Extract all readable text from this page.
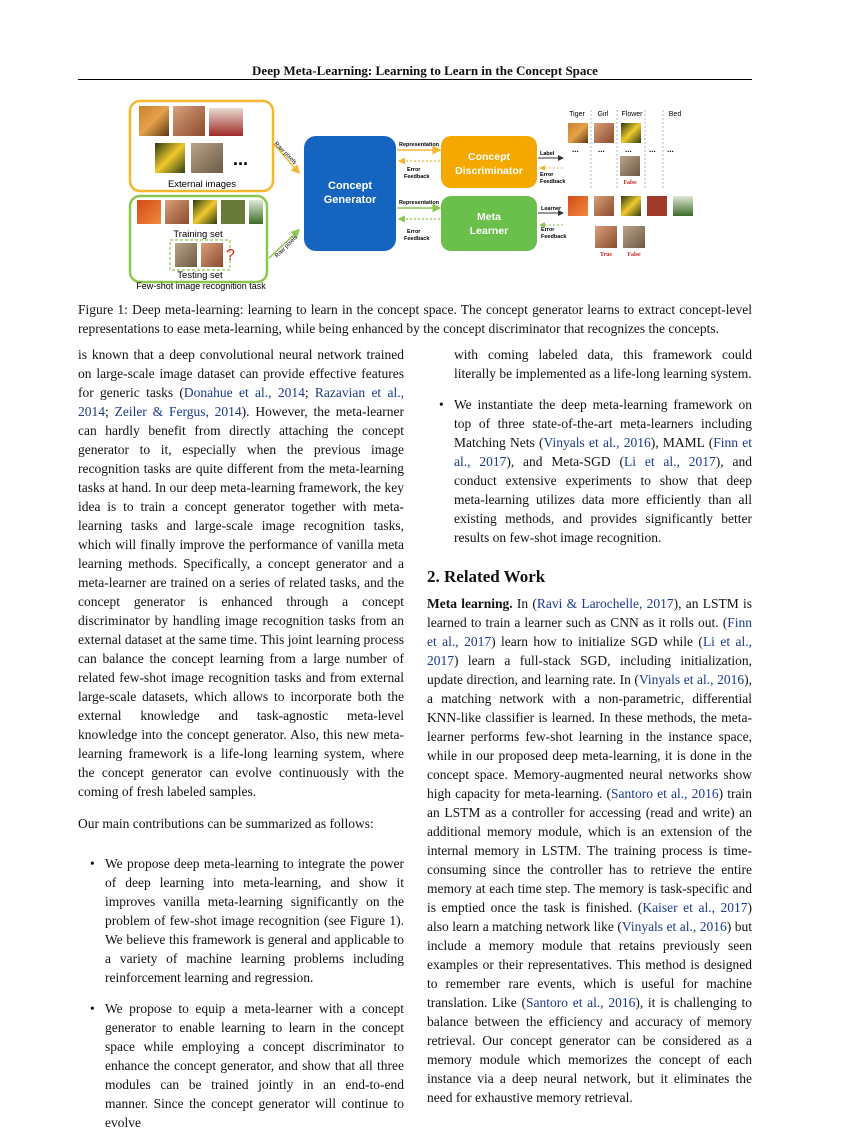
Deep Meta-Learning: Learning to Learn in the Concept Space
...
External images
Training set
?
Testing set
Few-shot image recognition task
Raw pixels
Raw pixels
Concept
Generator
Representation
Error
Feedback
Representation
Error
Feedback
Concept
Discriminator
Meta
Learner
Label
Error
Feedback
Learner
Error
Feedback
Tiger Girl Flower	Bed
... ...	... ... ...
False
True	False
Figure 1: Deep meta-learning: learning to learn in the concept space. The concept generator learns to extract concept-level representations to ease meta-learning, while being enhanced by the concept discriminator that recognizes the concepts.

is known that a deep convolutional neural network trained on large-scale image dataset can provide effective features for generic tasks (Donahue et al., 2014; Razavian et al., 2014; Zeiler & Fergus, 2014). However, the meta-learner can hardly benefit from directly attaching the concept generator to it, especially when the previous image recognition tasks are quite different from the meta-learning tasks at hand. In our deep meta-learning framework, the key idea is to train a concept generator together with meta-learning tasks and large-scale image recognition tasks, which will finally improve the performance of vanilla meta learning methods. Specifically, a concept generator and a meta-learner are trained on a series of related tasks, and the concept generator is enhanced through a concept discriminator by handling image recognition tasks from an external dataset at the same time. This joint learning process can balance the concept learning from a large number of related few-shot image recognition tasks and from external large-scale datasets, which allows to incorporate both the external knowledge and task-agnostic meta-level knowledge into the concept generator. Also, this new meta-learning framework is a life-long learning system, where the concept generator can evolve continuously with the coming of fresh labeled samples.

Our main contributions can be summarized as follows:

• We propose deep meta-learning to integrate the power of deep learning into meta-learning, and show it improves vanilla meta-learning significantly on the problem of few-shot image recognition (see Figure 1). We believe this framework is general and applicable to a variety of machine learning problems including reinforcement learning and regression.
• We propose to equip a meta-learner with a concept generator to enable learning to learn in the concept space while employing a concept discriminator to enhance the concept generator, and show that all three modules can be trained jointly in an end-to-end manner. Since the concept generator will continue to evolve
with coming labeled data, this framework could literally be implemented as a life-long learning system.
• We instantiate the deep meta-learning framework on top of three state-of-the-art meta-learners including Matching Nets (Vinyals et al., 2016), MAML (Finn et al., 2017), and Meta-SGD (Li et al., 2017), and conduct extensive experiments to show that deep meta-learning utilizes data more efficiently than all existing methods, and provides significantly better results on few-shot image recognition.
2. Related Work

Meta learning. In (Ravi & Larochelle, 2017), an LSTM is learned to train a learner such as CNN as it rolls out. (Finn et al., 2017) learn how to initialize SGD while (Li et al., 2017) learn a full-stack SGD, including initialization, update direction, and learning rate. In (Vinyals et al., 2016), a matching network with a non-parametric, differential KNN-like classifier is learned. In these methods, the meta-learner performs few-shot learning in the instance space, while in our proposed deep meta-learning, it is done in the concept space. Memory-augmented neural networks show high capacity for meta-learning. (Santoro et al., 2016) train an LSTM as a controller for accessing (read and write) an additional memory module, which is an extension of the internal memory in LSTM. The training process is time-consuming since the controller has to retrieve the entire memory at each time step. The memory is task-specific and is emptied once the task is finished. (Kaiser et al., 2017) also learn a matching network like (Vinyals et al., 2016) but include a memory module that retains previously seen examples or their representatives. This method is designed to remember rare events, which is useful for machine translation. Like (Santoro et al., 2016), it is challenging to balance between the efficiency and accuracy of memory retrieval. Our concept generator can be considered as a memory module which memorizes the concept of each instance via a deep neural network, but it eliminates the need for exhaustive memory retrieval.
